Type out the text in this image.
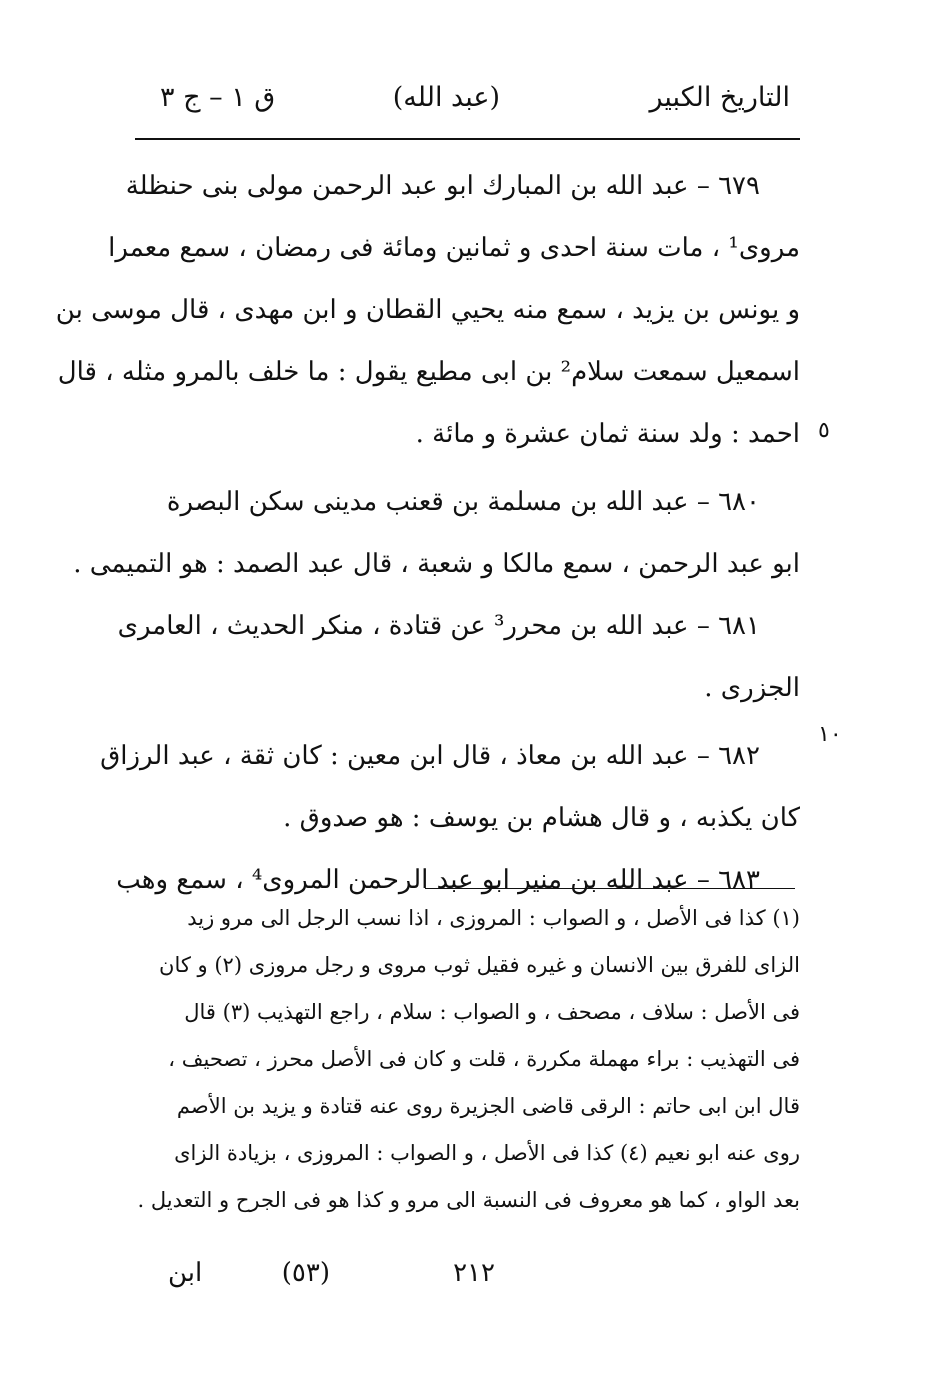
التاريخ الكبير
(عبد الله)
ق ١ – ج ٣
٥
١٠
٦٧٩ – عبد الله بن المبارك ابو عبد الرحمن مولى بنى حنظلة
مروى¹ ، مات سنة احدى و ثمانين ومائة فى رمضان ، سمع معمرا
و يونس بن يزيد ، سمع منه يحيي القطان و ابن مهدى ، قال موسى بن
اسمعيل سمعت سلام² بن ابى مطيع يقول : ما خلف بالمرو مثله ، قال
احمد : ولد سنة ثمان عشرة و مائة .
٦٨٠ – عبد الله بن مسلمة بن قعنب مدينى سكن البصرة
ابو عبد الرحمن ، سمع مالكا و شعبة ، قال عبد الصمد : هو التميمى .
٦٨١ – عبد الله بن محرر³ عن قتادة ، منكر الحديث ، العامرى
الجزرى .
٦٨٢ – عبد الله بن معاذ ، قال ابن معين : كان ثقة ، عبد الرزاق
كان يكذبه ، و قال هشام بن يوسف : هو صدوق .
٦٨٣ – عبد الله بن منير ابو عبد الرحمن المروى⁴ ، سمع وهب
(١) كذا فى الأصل ، و الصواب : المروزى ، اذا نسب الرجل الى مرو زيد
الزاى للفرق بين الانسان و غيره فقيل ثوب مروى و رجل مروزى (٢) و كان
فى الأصل : سلاف ، مصحف ، و الصواب : سلام ، راجع التهذيب (٣) قال
فى التهذيب : براء مهملة مكررة ، قلت و كان فى الأصل محرز ، تصحيف ،
قال ابن ابى حاتم : الرقى قاضى الجزيرة روى عنه قتادة و يزيد بن الأصم
روى عنه ابو نعيم (٤) كذا فى الأصل ، و الصواب : المروزى ، بزيادة الزاى
بعد الواو ، كما هو معروف فى النسبة الى مرو و كذا هو فى الجرح و التعديل .
٢١٢
(٥٣)
ابن
